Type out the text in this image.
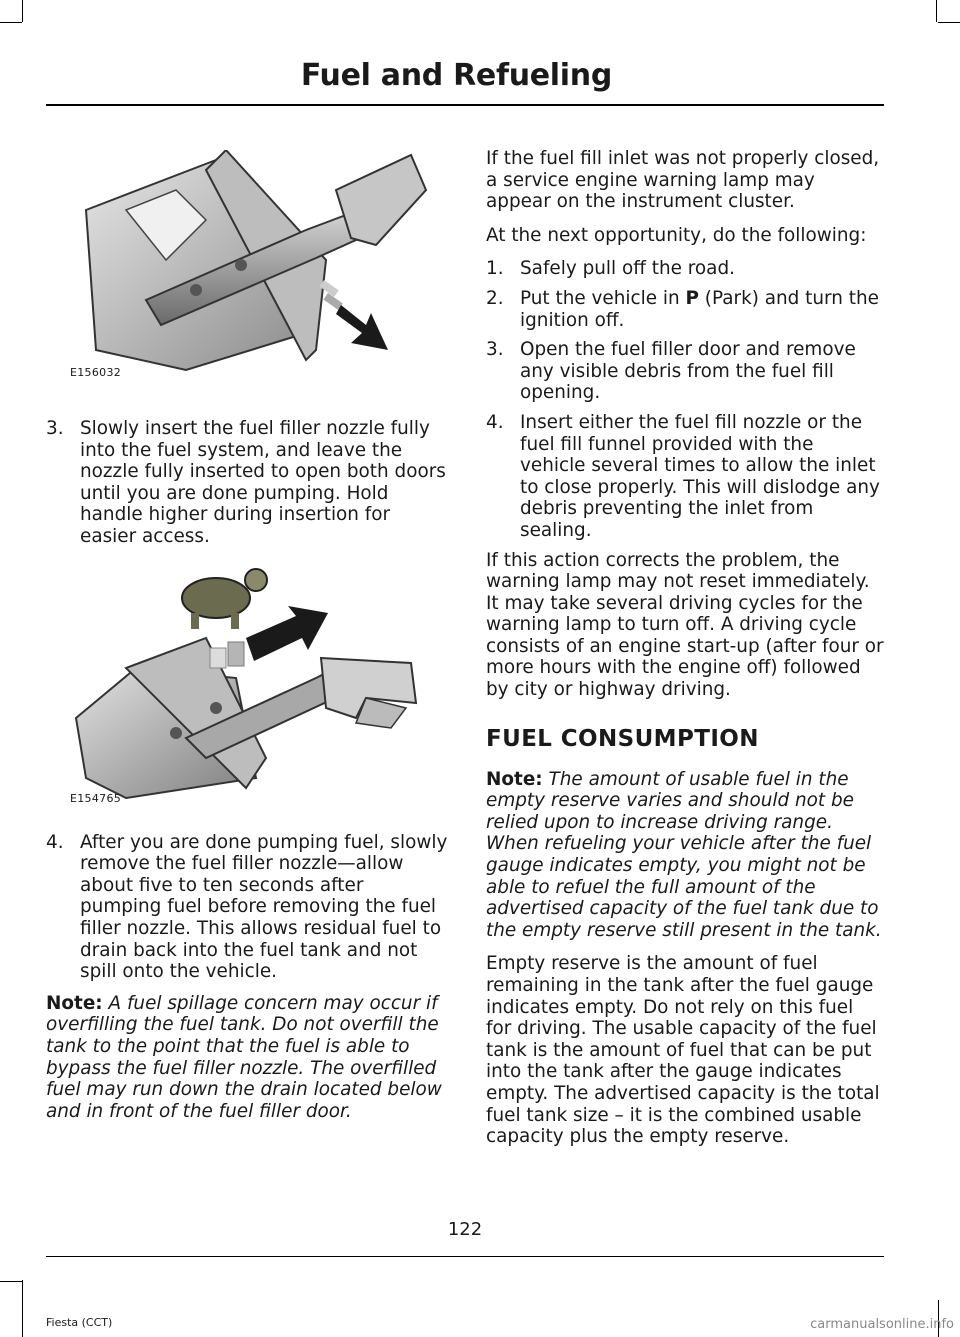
Fuel and Refueling
E156032
3. Slowly insert the fuel filler nozzle fully into the fuel system, and leave the nozzle fully inserted to open both doors until you are done pumping. Hold handle higher during insertion for easier access.
E154765
4. After you are done pumping fuel, slowly remove the fuel filler nozzle—allow about five to ten seconds after pumping fuel before removing the fuel filler nozzle. This allows residual fuel to drain back into the fuel tank and not spill onto the vehicle.

Note: A fuel spillage concern may occur if overfilling the fuel tank. Do not overfill the tank to the point that the fuel is able to bypass the fuel filler nozzle. The overfilled fuel may run down the drain located below and in front of the fuel filler door.

If the fuel fill inlet was not properly closed, a service engine warning lamp may appear on the instrument cluster.

At the next opportunity, do the following:

1. Safely pull off the road.
2. Put the vehicle in P (Park) and turn the ignition off.
3. Open the fuel filler door and remove any visible debris from the fuel fill opening.
4. Insert either the fuel fill nozzle or the fuel fill funnel provided with the vehicle several times to allow the inlet to close properly. This will dislodge any debris preventing the inlet from sealing.

If this action corrects the problem, the warning lamp may not reset immediately. It may take several driving cycles for the warning lamp to turn off. A driving cycle consists of an engine start-up (after four or more hours with the engine off) followed by city or highway driving.

FUEL CONSUMPTION

Note: The amount of usable fuel in the empty reserve varies and should not be relied upon to increase driving range. When refueling your vehicle after the fuel gauge indicates empty, you might not be able to refuel the full amount of the advertised capacity of the fuel tank due to the empty reserve still present in the tank.

Empty reserve is the amount of fuel remaining in the tank after the fuel gauge indicates empty. Do not rely on this fuel for driving. The usable capacity of the fuel tank is the amount of fuel that can be put into the tank after the gauge indicates empty. The advertised capacity is the total fuel tank size – it is the combined usable capacity plus the empty reserve.

122
Fiesta (CCT)	carmanualsonline.info
